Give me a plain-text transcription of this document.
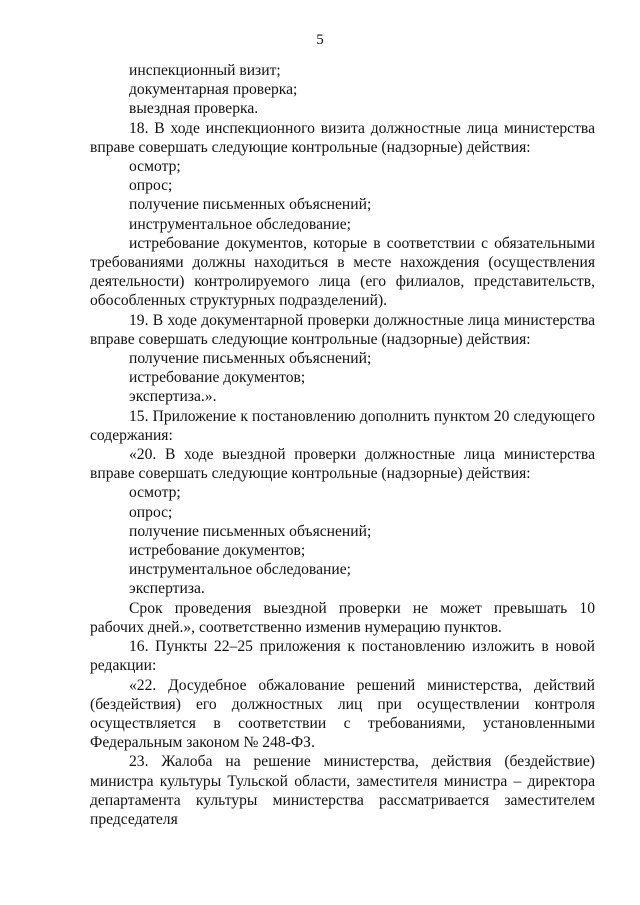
5

инспекционный визит;

документарная проверка;

выездная проверка.

18. В ходе инспекционного визита должностные лица министерства вправе совершать следующие контрольные (надзорные) действия:

осмотр;

опрос;

получение письменных объяснений;

инструментальное обследование;

истребование документов, которые в соответствии с обязательными требованиями должны находиться в месте нахождения (осуществления деятельности) контролируемого лица (его филиалов, представительств, обособленных структурных подразделений).

19. В ходе документарной проверки должностные лица министерства вправе совершать следующие контрольные (надзорные) действия:

получение письменных объяснений;

истребование документов;

экспертиза.».

15. Приложение к постановлению дополнить пунктом 20 следующего содержания:

«20. В ходе выездной проверки должностные лица министерства вправе совершать следующие контрольные (надзорные) действия:

осмотр;

опрос;

получение письменных объяснений;

истребование документов;

инструментальное обследование;

экспертиза.

Срок проведения выездной проверки не может превышать 10 рабочих дней.», соответственно изменив нумерацию пунктов.

16. Пункты 22–25 приложения к постановлению изложить в новой редакции:

«22. Досудебное обжалование решений министерства, действий (бездействия) его должностных лиц при осуществлении контроля осуществляется в соответствии с требованиями, установленными Федеральным законом № 248-ФЗ.

23. Жалоба на решение министерства, действия (бездействие) министра культуры Тульской области, заместителя министра – директора департамента культуры министерства рассматривается заместителем председателя
